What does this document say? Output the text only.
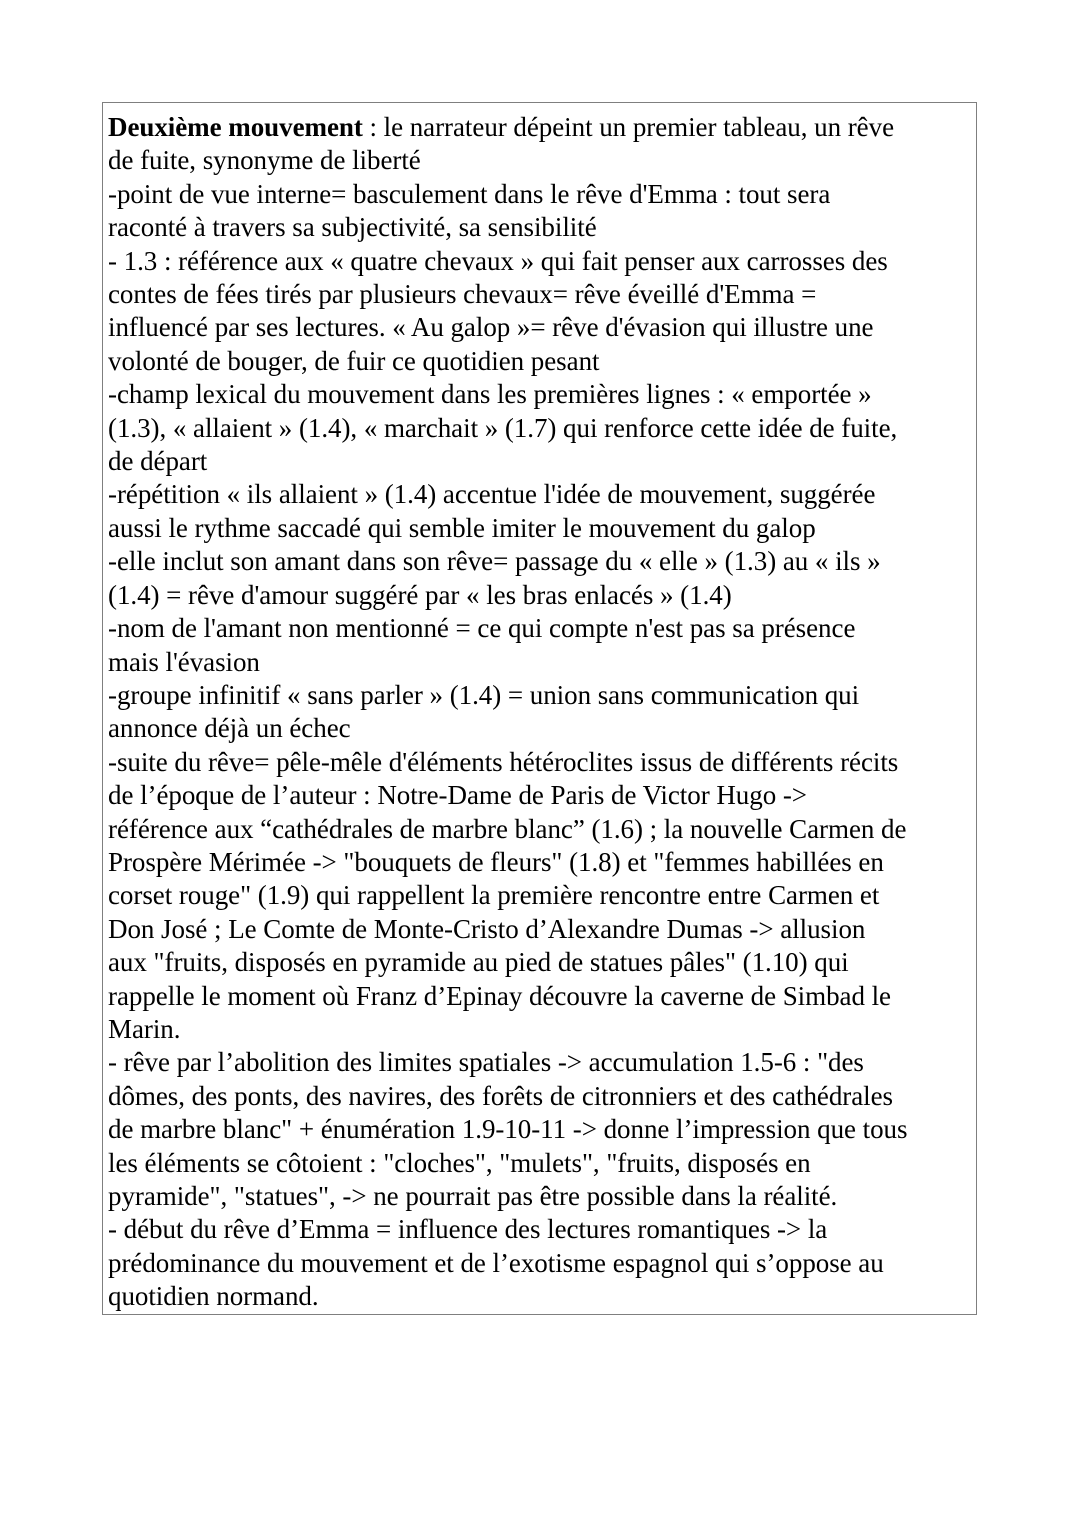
Deuxième mouvement : le narrateur dépeint un premier tableau, un rêve
de fuite, synonyme de liberté
-point de vue interne= basculement dans le rêve d'Emma : tout sera
raconté à travers sa subjectivité, sa sensibilité
- 1.3 : référence aux « quatre chevaux » qui fait penser aux carrosses des
contes de fées tirés par plusieurs chevaux= rêve éveillé d'Emma =
influencé par ses lectures. « Au galop »= rêve d'évasion qui illustre une
volonté de bouger, de fuir ce quotidien pesant
-champ lexical du mouvement dans les premières lignes : « emportée »
(1.3), « allaient » (1.4), « marchait » (1.7) qui renforce cette idée de fuite,
de départ
-répétition « ils allaient » (1.4) accentue l'idée de mouvement, suggérée
aussi le rythme saccadé qui semble imiter le mouvement du galop
-elle inclut son amant dans son rêve= passage du « elle » (1.3) au « ils »
(1.4) = rêve d'amour suggéré par « les bras enlacés » (1.4)
-nom de l'amant non mentionné = ce qui compte n'est pas sa présence
mais l'évasion
-groupe infinitif « sans parler » (1.4) = union sans communication qui
annonce déjà un échec
-suite du rêve= pêle-mêle d'éléments hétéroclites issus de différents récits
de l’époque de l’auteur : Notre-Dame de Paris de Victor Hugo ->
référence aux “cathédrales de marbre blanc” (1.6) ; la nouvelle Carmen de
Prospère Mérimée -> "bouquets de fleurs" (1.8) et "femmes habillées en
corset rouge" (1.9) qui rappellent la première rencontre entre Carmen et
Don José ; Le Comte de Monte-Cristo d’Alexandre Dumas -> allusion
aux "fruits, disposés en pyramide au pied de statues pâles" (1.10) qui
rappelle le moment où Franz d’Epinay découvre la caverne de Simbad le
Marin.
- rêve par l’abolition des limites spatiales -> accumulation 1.5-6 : "des
dômes, des ponts, des navires, des forêts de citronniers et des cathédrales
de marbre blanc" + énumération 1.9-10-11 -> donne l’impression que tous
les éléments se côtoient : "cloches", "mulets", "fruits, disposés en
pyramide", "statues", -> ne pourrait pas être possible dans la réalité.
- début du rêve d’Emma = influence des lectures romantiques -> la
prédominance du mouvement et de l’exotisme espagnol qui s’oppose au
quotidien normand.
